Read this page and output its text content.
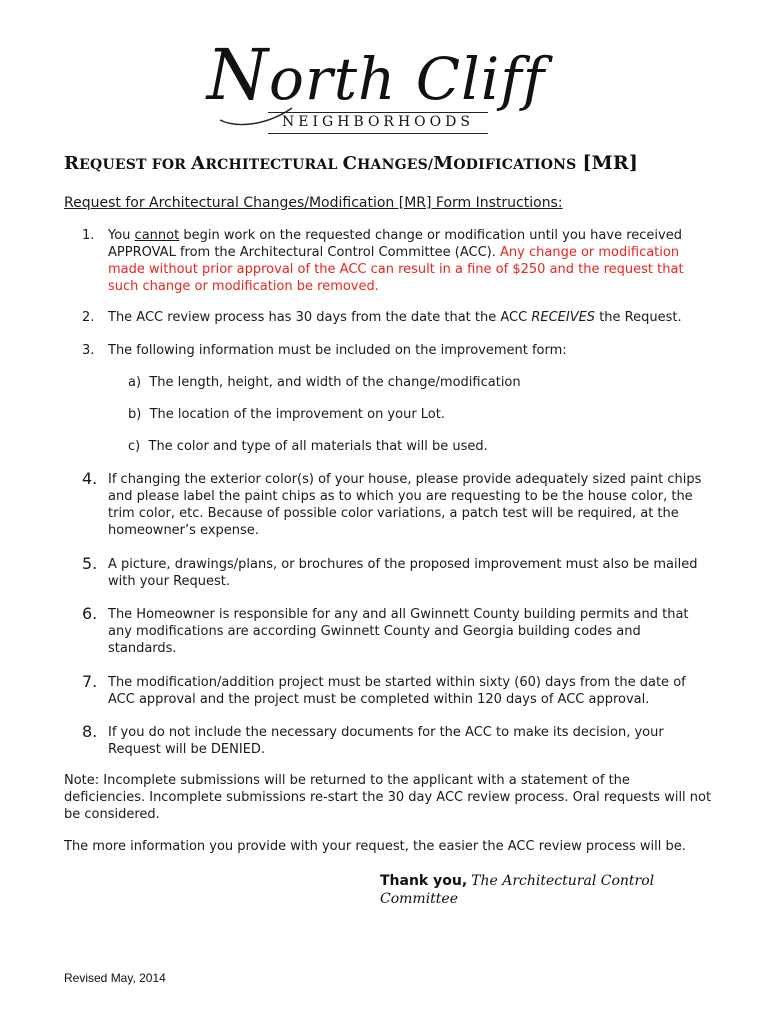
North Cliff
NEIGHBORHOODS
REQUEST FOR ARCHITECTURAL CHANGES/MODIFICATIONS [MR]
Request for Architectural Changes/Modification [MR] Form Instructions:
1.	You cannot begin work on the requested change or modification until you have received APPROVAL from the Architectural Control Committee (ACC). Any change or modification made without prior approval of the ACC can result in a fine of $250 and the request that such change or modification be removed.
2.	The ACC review process has 30 days from the date that the ACC RECEIVES the Request.
3.	The following information must be included on the improvement form:
a) The length, height, and width of the change/modification
b) The location of the improvement on your Lot.
c) The color and type of all materials that will be used.
4. If changing the exterior color(s) of your house, please provide adequately sized paint chips and please label the paint chips as to which you are requesting to be the house color, the trim color, etc. Because of possible color variations, a patch test will be required, at the homeowner’s expense.
5. A picture, drawings/plans, or brochures of the proposed improvement must also be mailed with your Request.
6. The Homeowner is responsible for any and all Gwinnett County building permits and that any modifications are according Gwinnett County and Georgia building codes and standards.
7. The modification/addition project must be started within sixty (60) days from the date of ACC approval and the project must be completed within 120 days of ACC approval.
8. If you do not include the necessary documents for the ACC to make its decision, your Request will be DENIED.
Note: Incomplete submissions will be returned to the applicant with a statement of the deficiencies. Incomplete submissions re-start the 30 day ACC review process. Oral requests will not be considered.
The more information you provide with your request, the easier the ACC review process will be.
Thank you, The Architectural Control Committee
Revised May, 2014
